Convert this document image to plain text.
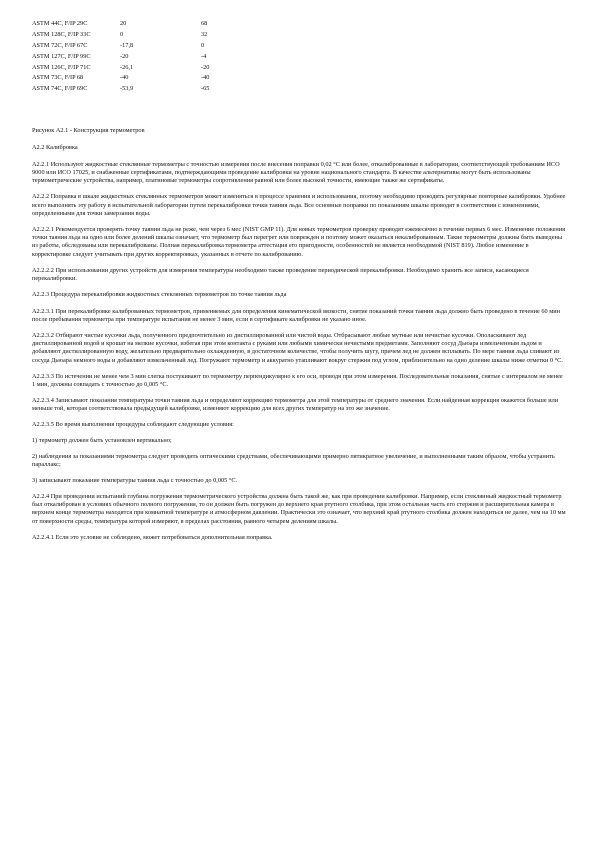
ASTM 44C, F/IP 29C	20	68
ASTM 128C, F/IP 33C	0	32
ASTM 72C, F/IP 67C	-17,8	0
ASTM 127C, F/IP 99C	-20	-4
ASTM 126C, F/IP 71C	-26,1	-20
ASTM 73C, F/IP 68	-40	-40
ASTM 74C, F/IP 69C	-53,9	-65

Рисунок А2.1 - Конструкция термометров

А2.2 Калибровка

А2.2.1 Используют жидкостные стеклянные термометры с точностью измерения после внесения поправки 0,02 °С или более, откалиброванные в лаборатории, соответствующей требованиям ИСО 9000 или ИСО 17025, и снабженные сертификатами, подтверждающими проведение калибровки на уровне национального стандарта. В качестве альтернативы могут быть использованы термометрические устройства, например, платиновые термометры сопротивления равной или более высокой точности, имеющие также же сертификаты.

А2.2.2 Поправка в шкале жидкостных стеклянных термометров может изменяться в процессе хранения и использования, поэтому необходимо проводить регулярные повторные калибровки. Удобнее всего выполнять эту работу в испытательной лаборатории путем перекалибровки точки таяния льда. Все основные поправки по показаниям шкалы проводят в соответствии с изменениями, определенными для точки замерзания воды.

А2.2.2.1 Рекомендуется проверять точку таяния льда не реже, чем через 6 мес (NIST GMP 11). Для новых термометров проверку проводят ежемесячно в течение первых 6 мес. Изменение положения точки таяния льда на одно или более делений шкалы означает, что термометр был перегрет или поврежден и поэтому может оказаться некалиброванным. Такие термометры должны быть выведены из работы, обследованы или перекалиброваны. Полная перекалибровка термометра аттестация его пригодности, особенностей не является необходимой (NIST 819). Любое изменение в корректировке следует учитывать при других корректировках, указанных в отчете по калиброванию.

А2.2.2.2 При использовании других устройств для измерения температуры необходимо также проведение периодической перекалибровки. Необходимо хранить все записи, касающиеся перекалибровки.

А2.2.3 Процедура перекалибровки жидкостных стеклянных термометров по точке таяния льда

А2.2.3.1 При перекалибровке калиброванных термометров, применяемых для определения кинематической вязкости, снятие показаний точки таяния льда должно быть проведено в течение 60 мин после пребывания термометра при температуре испытания не менее 3 мин, если в сертификате калибровки не указано иное.

А2.2.3.2 Отбирают чистые кусочки льда, полученного предпочтительно из дистиллированной или чистой воды. Отбрасывают любые мутные или нечистые кусочки. Ополаскивают лед дистиллированной водой и крошат на мелкие кусочки, избегая при этом контакта с руками или любыми химически нечистыми предметами. Заполняют сосуд Дьюара измельченным льдом и добавляют дистиллированную воду, желательно предварительно охлажденную, в достаточном количестве, чтобы получить шугу, причем лед не должен всплывать. По мере таяния льда сливают из сосуда Дьюара немного воды и добавляют измельченный лед. Погружают термометр и аккуратно утапливают вокруг стержня под углом, приблизительно на одно деление шкалы ниже отметки 0 °С.

А2.2.3.3 По истечении не менее чем 3 мин слегка постукивают по термометру перпендикулярно к его оси, проводя при этом измерения. Последовательные показания, снятые с интервалом не менее 1 мин, должны совпадать с точностью до 0,005 °С.

А2.2.3.4 Записывают показания температуры точки таяния льда и определяют коррекцию термометра для этой температуры от среднего значения. Если найденная коррекция окажется больше или меньше той, которая соответствовала предыдущей калибровке, изменяют коррекцию для всех других температур на это же значение.

А2.2.3.5 Во время выполнения процедуры соблюдают следующие условия:

1) термометр должен быть установлен вертикально;

2) наблюдения за показаниями термометра следует проводить оптическими средствами, обеспечивающими примерно пятикратное увеличение, и выполненными таким образом, чтобы устранить параллакс;

3) записывают показание температуры таяния льда с точностью до 0,005 °С.

А2.2.4 При проведении испытаний глубина погружения термометрического устройства должна быть такой же, как при проведении калибровки. Например, если стеклянный жидкостный термометр был откалиброван в условиях обычного полного погружения, то он должен быть погружен до верхнего края ртутного столбика, при этом остальная часть его стержня и расширительная камера в верхнем конце термометра находятся при комнатной температуре и атмосферном давлении. Практически это означает, что верхний край ртутного столбика должен находиться не далее, чем на 10 мм от поверхности среды, температура которой измеряют, в пределах расстояния, равного четырем делениям шкалы.

А2.2.4.1 Если это условие не соблюдено, может потребоваться дополнительная поправка.
